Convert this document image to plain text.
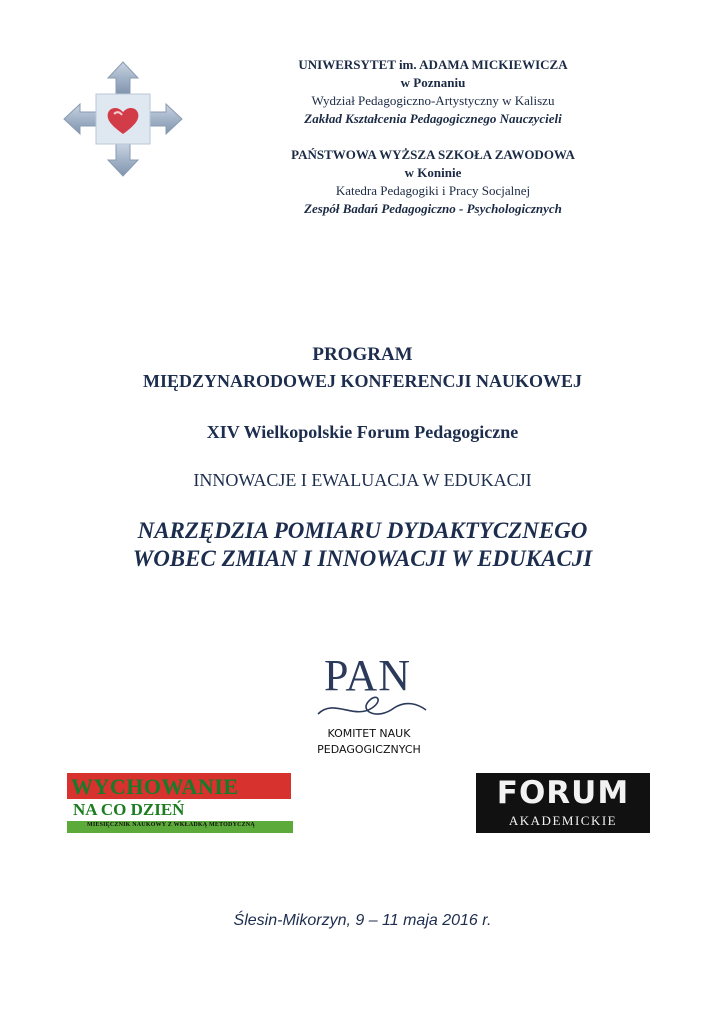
UNIWERSYTET im. ADAMA MICKIEWICZA
w Poznaniu
Wydział Pedagogiczno-Artystyczny w Kaliszu
Zakład Kształcenia Pedagogicznego Nauczycieli
PAŃSTWOWA WYŻSZA SZKOŁA ZAWODOWA
w Koninie
Katedra Pedagogiki i Pracy Socjalnej
Zespół Badań Pedagogiczno - Psychologicznych
PROGRAM
MIĘDZYNARODOWEJ KONFERENCJI NAUKOWEJ
XIV Wielkopolskie Forum Pedagogiczne
INNOWACJE I EWALUACJA W EDUKACJI
NARZĘDZIA POMIARU DYDAKTYCZNEGO
WOBEC ZMIAN I INNOWACJI W EDUKACJI
PAN
KOMITET NAUK
PEDAGOGICZNYCH
WYCHOWANIE
NA CO DZIEŃ
MIESIĘCZNIK NAUKOWY Z WKŁADKĄ METODYCZNĄ
FORUM
AKADEMICKIE
Ślesin-Mikorzyn, 9 – 11 maja 2016 r.
